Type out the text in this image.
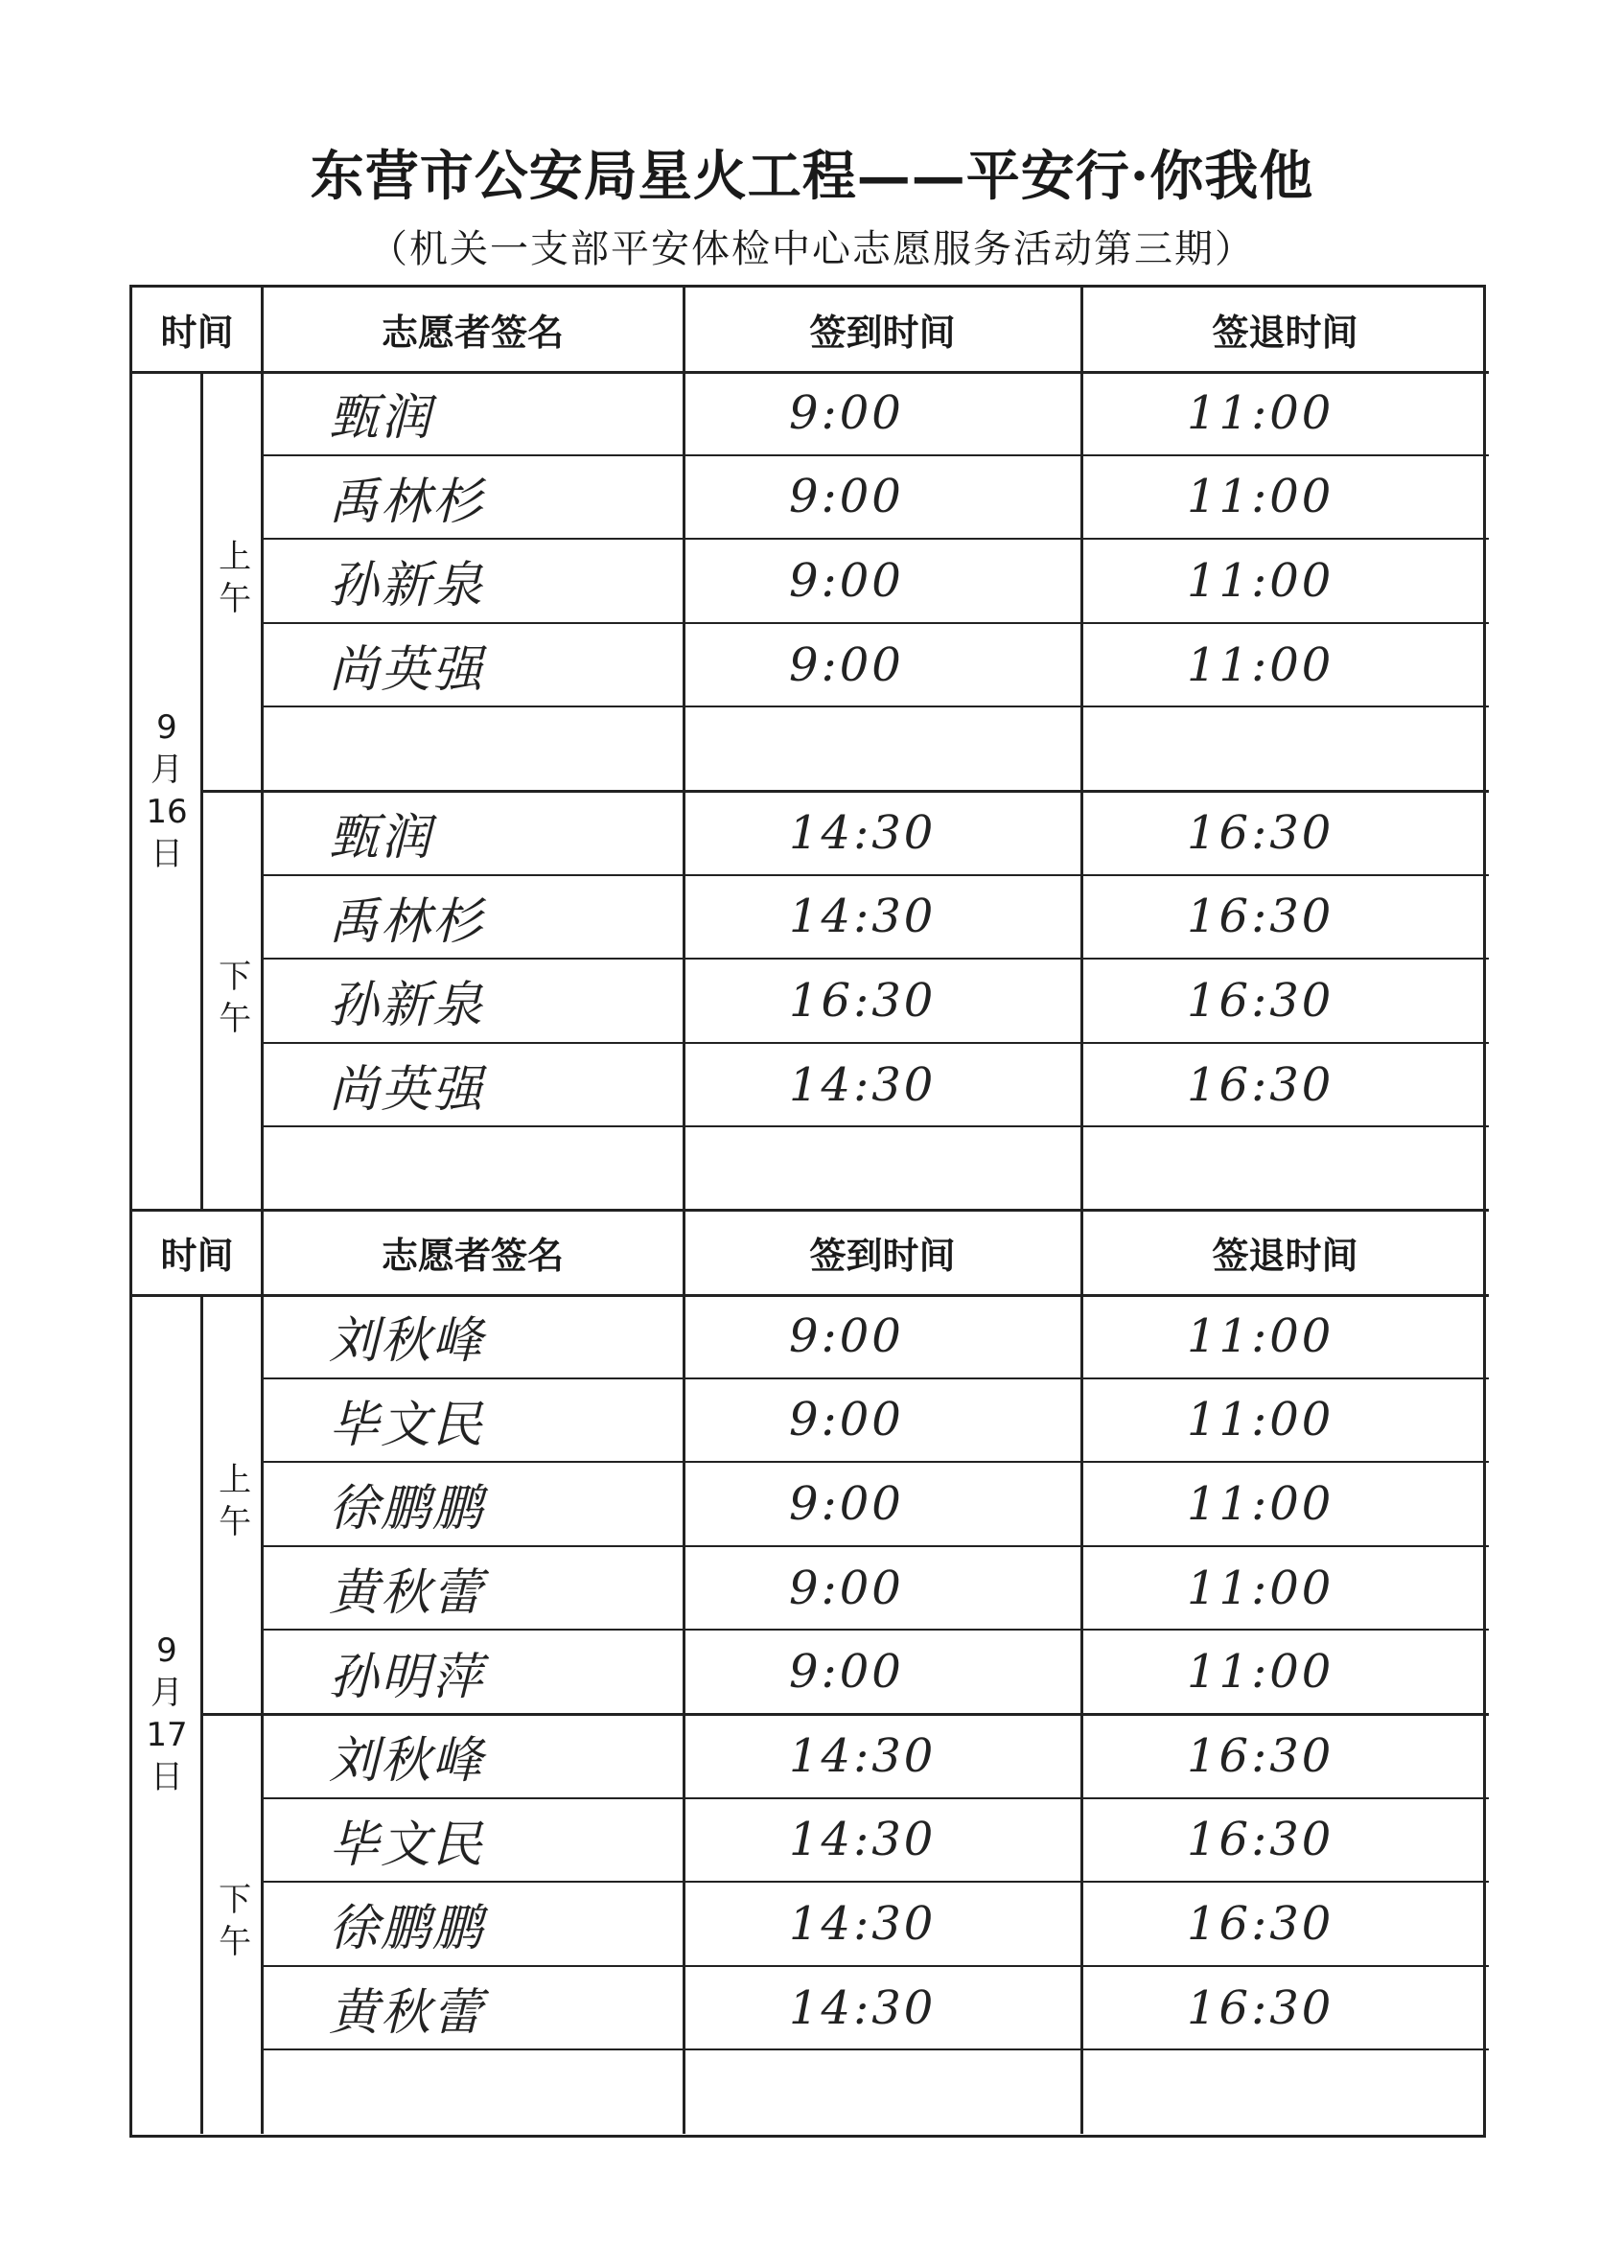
东营市公安局星火工程——平安行·你我他
（机关一支部平安体检中心志愿服务活动第三期）
时间	志愿者签名	签到时间	签退时间
9
月
16
日
上午
下午
甄润	9:00	11:00
禹林杉	9:00	11:00
孙新泉	9:00	11:00
尚英强	9:00	11:00
甄润	14:30	16:30
禹林杉	14:30	16:30
孙新泉	16:30	16:30
尚英强	14:30	16:30
时间	志愿者签名	签到时间	签退时间
9
月
17
日
上午
下午
刘秋峰	9:00	11:00
毕文民	9:00	11:00
徐鹏鹏	9:00	11:00
黄秋蕾	9:00	11:00
孙明萍	9:00	11:00
刘秋峰	14:30	16:30
毕文民	14:30	16:30
徐鹏鹏	14:30	16:30
黄秋蕾	14:30	16:30
